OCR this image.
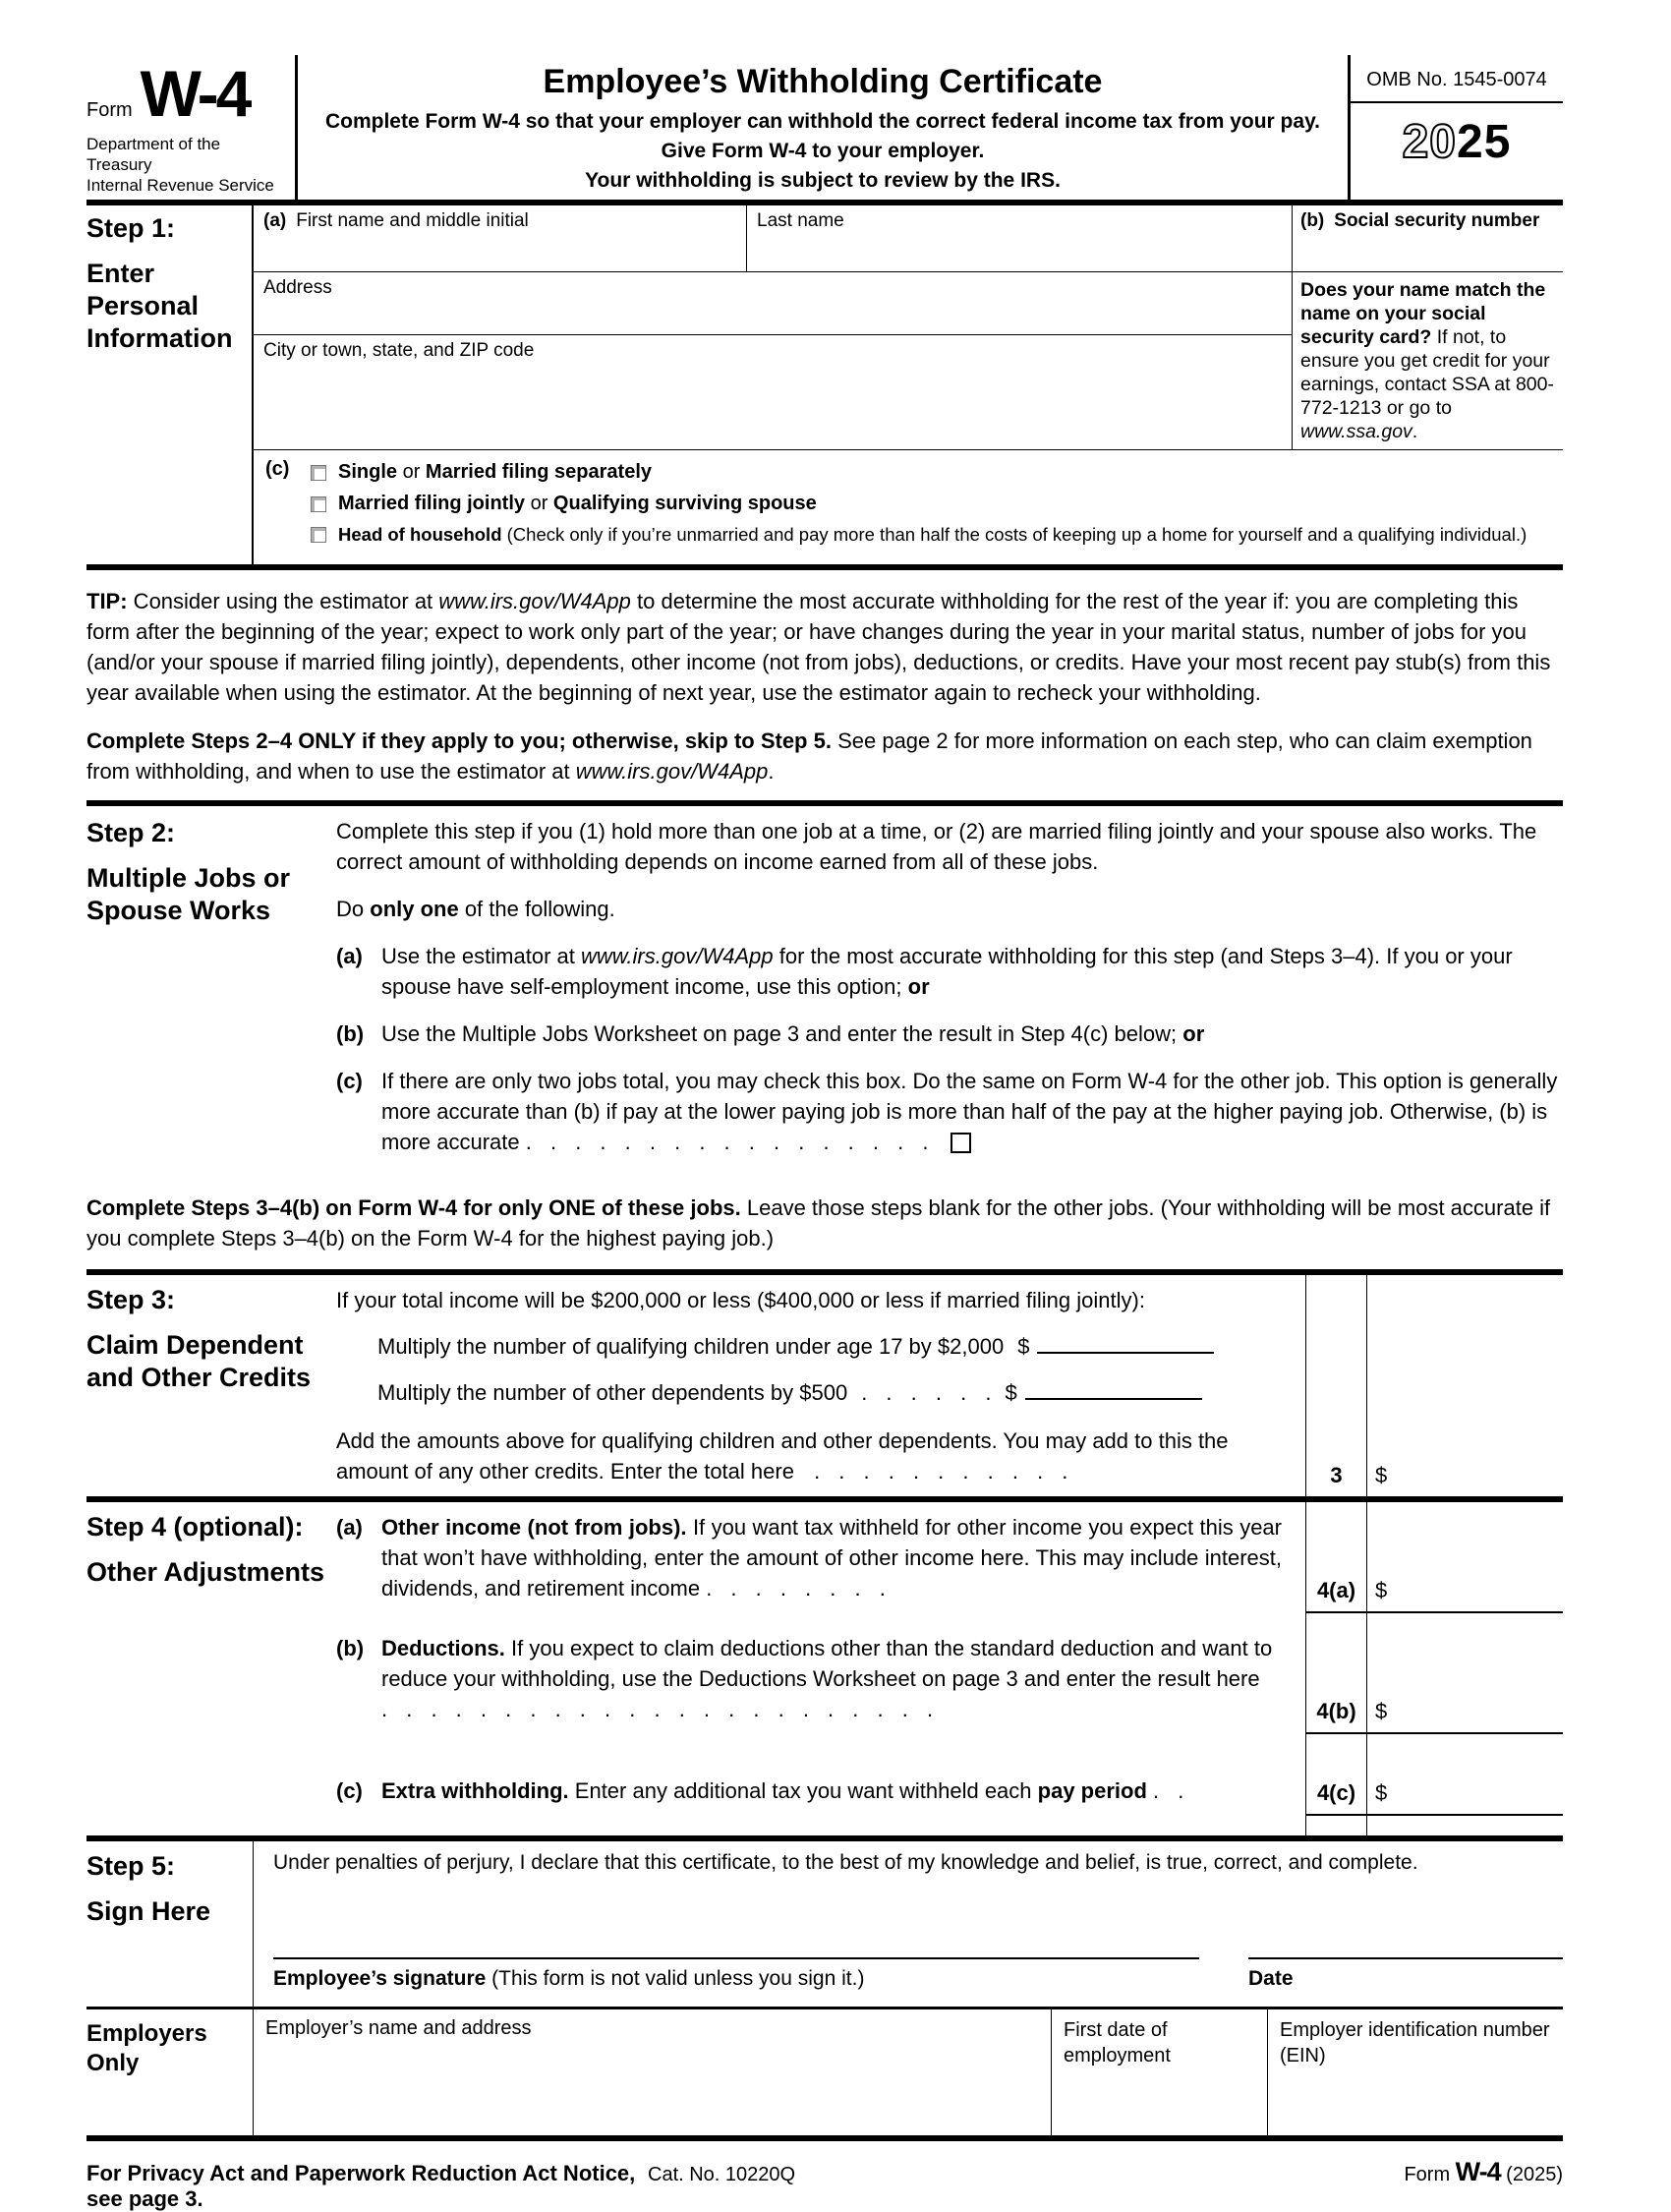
Form W-4
Department of the Treasury
Internal Revenue Service
Employee’s Withholding Certificate
Complete Form W-4 so that your employer can withhold the correct federal income tax from your pay.
Give Form W-4 to your employer.
Your withholding is subject to review by the IRS.
OMB No. 1545-0074
2025
Step 1:
Enter Personal Information
(a) First name and middle initial	Last name
Address
City or town, state, and ZIP code
(b) Social security number
Does your name match the name on your social security card? If not, to ensure you get credit for your earnings, contact SSA at 800-772-1213 or go to www.ssa.gov.
(c)	Single or Married filing separately
Married filing jointly or Qualifying surviving spouse
Head of household (Check only if you’re unmarried and pay more than half the costs of keeping up a home for yourself and a qualifying individual.)
TIP: Consider using the estimator at www.irs.gov/W4App to determine the most accurate withholding for the rest of the year if: you are completing this form after the beginning of the year; expect to work only part of the year; or have changes during the year in your marital status, number of jobs for you (and/or your spouse if married filing jointly), dependents, other income (not from jobs), deductions, or credits. Have your most recent pay stub(s) from this year available when using the estimator. At the beginning of next year, use the estimator again to recheck your withholding.
Complete Steps 2–4 ONLY if they apply to you; otherwise, skip to Step 5. See page 2 for more information on each step, who can claim exemption from withholding, and when to use the estimator at www.irs.gov/W4App.
Step 2:
Multiple Jobs or Spouse Works
Complete this step if you (1) hold more than one job at a time, or (2) are married filing jointly and your spouse also works. The correct amount of withholding depends on income earned from all of these jobs.
Do only one of the following.
(a) Use the estimator at www.irs.gov/W4App for the most accurate withholding for this step (and Steps 3–4). If you or your spouse have self-employment income, use this option; or
(b) Use the Multiple Jobs Worksheet on page 3 and enter the result in Step 4(c) below; or
(c) If there are only two jobs total, you may check this box. Do the same on Form W-4 for the other job. This option is generally more accurate than (b) if pay at the lower paying job is more than half of the pay at the higher paying job. Otherwise, (b) is more accurate . . . . . . . . . . . . . . . . .
Complete Steps 3–4(b) on Form W-4 for only ONE of these jobs. Leave those steps blank for the other jobs. (Your withholding will be most accurate if you complete Steps 3–4(b) on the Form W-4 for the highest paying job.)
Step 3:
Claim Dependent and Other Credits
If your total income will be $200,000 or less ($400,000 or less if married filing jointly):
Multiply the number of qualifying children under age 17 by $2,000 $
Multiply the number of other dependents by $500 . . . . . . $
Add the amounts above for qualifying children and other dependents. You may add to this the amount of any other credits. Enter the total here . . . . . . . . . . .	3	$
Step 4 (optional):
Other Adjustments
(a) Other income (not from jobs). If you want tax withheld for other income you expect this year that won’t have withholding, enter the amount of other income here. This may include interest, dividends, and retirement income . . . . . . . .	4(a) $
(b) Deductions. If you expect to claim deductions other than the standard deduction and want to reduce your withholding, use the Deductions Worksheet on page 3 and enter the result here . . . . . . . . . . . . . . . . . . . . . . .	4(b) $
(c) Extra withholding. Enter any additional tax you want withheld each pay period . .	4(c) $
Step 5:
Sign Here
Under penalties of perjury, I declare that this certificate, to the best of my knowledge and belief, is true, correct, and complete.
Employee’s signature (This form is not valid unless you sign it.)	Date
Employers Only
Employer’s name and address	First date of employment
Employer identification number (EIN)
For Privacy Act and Paperwork Reduction Act Notice, see page 3.
Cat. No. 10220Q	Form W-4 (2025)
